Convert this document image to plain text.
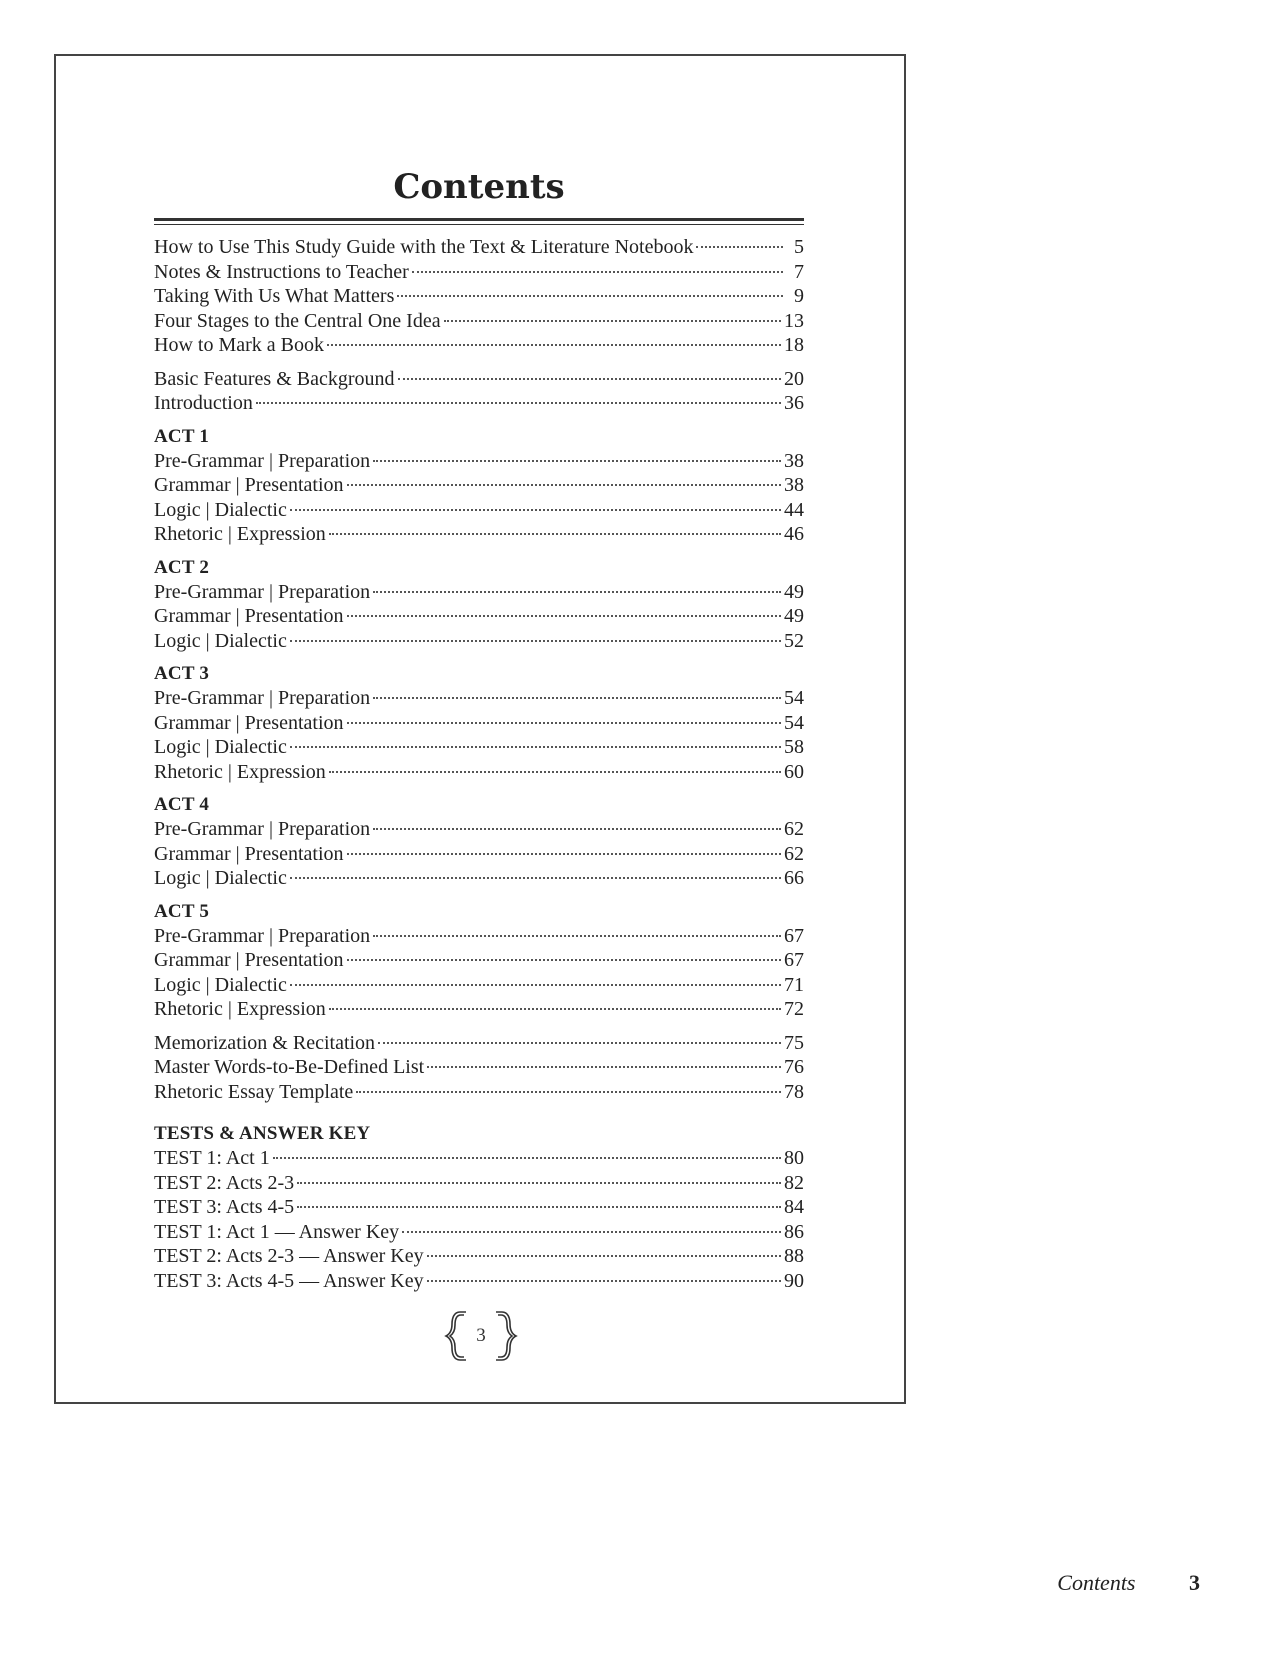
Contents
How to Use This Study Guide with the Text & Literature Notebook	5
Notes & Instructions to Teacher	7
Taking With Us What Matters	9
Four Stages to the Central One Idea	13
How to Mark a Book	18
Basic Features & Background	20
Introduction	36
ACT 1
Pre-Grammar | Preparation	38
Grammar | Presentation	38
Logic | Dialectic	44
Rhetoric | Expression	46
ACT 2
Pre-Grammar | Preparation	49
Grammar | Presentation	49
Logic | Dialectic	52
ACT 3
Pre-Grammar | Preparation	54
Grammar | Presentation	54
Logic | Dialectic	58
Rhetoric | Expression	60
ACT 4
Pre-Grammar | Preparation	62
Grammar | Presentation	62
Logic | Dialectic	66
ACT 5
Pre-Grammar | Preparation	67
Grammar | Presentation	67
Logic | Dialectic	71
Rhetoric | Expression	72
Memorization & Recitation	75
Master Words-to-Be-Defined List	76
Rhetoric Essay Template	78
TESTS & ANSWER KEY
TEST 1: Act 1	80
TEST 2: Acts 2-3	82
TEST 3: Acts 4-5	84
TEST 1: Act 1 — Answer Key	86
TEST 2: Acts 2-3 — Answer Key	88
TEST 3: Acts 4-5 — Answer Key	90
3
Contents 3
